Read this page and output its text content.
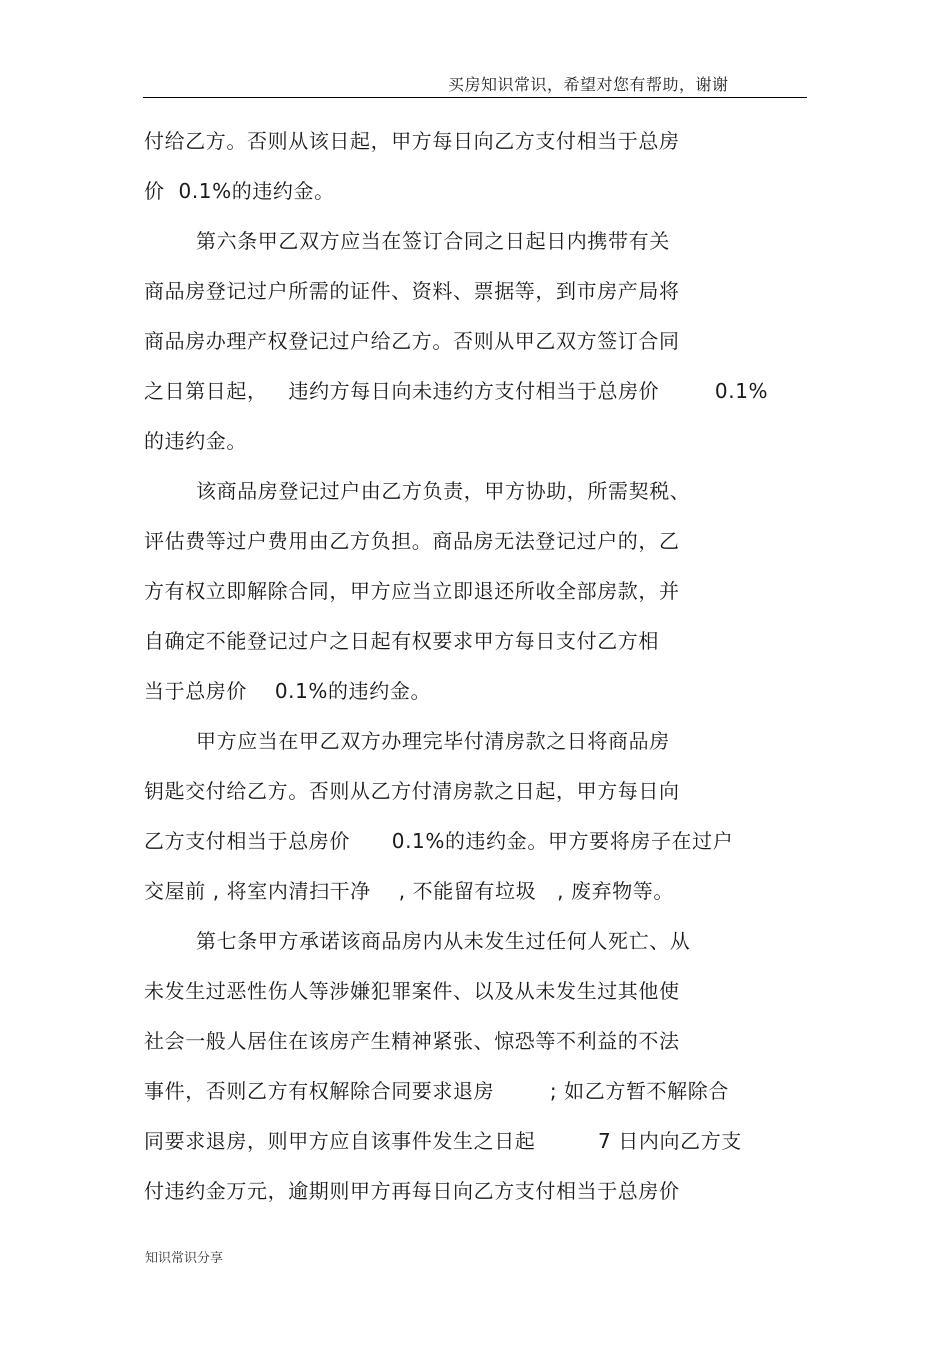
买房知识常识，希望对您有帮助，谢谢
付给乙方。否则从该日起，甲方每日向乙方支付相当于总房
价  0.1%的违约金。
第六条甲乙双方应当在签订合同之日起日内携带有关
商品房登记过户所需的证件、资料、票据等，到市房产局将
商品房办理产权登记过户给乙方。否则从甲乙双方签订合同
之日第日起，   违约方每日向未违约方支付相当于总房价        0.1%
的违约金。
该商品房登记过户由乙方负责，甲方协助，所需契税、
评估费等过户费用由乙方负担。商品房无法登记过户的，乙
方有权立即解除合同，甲方应当立即退还所收全部房款，并
自确定不能登记过户之日起有权要求甲方每日支付乙方相
当于总房价    0.1%的违约金。
甲方应当在甲乙双方办理完毕付清房款之日将商品房
钥匙交付给乙方。否则从乙方付清房款之日起，甲方每日向
乙方支付相当于总房价      0.1%的违约金。甲方要将房子在过户
交屋前 , 将室内清扫干净    , 不能留有垃圾   , 废弃物等。
第七条甲方承诺该商品房内从未发生过任何人死亡、从
未发生过恶性伤人等涉嫌犯罪案件、以及从未发生过其他使
社会一般人居住在该房产生精神紧张、惊恐等不利益的不法
事件，否则乙方有权解除合同要求退房        ; 如乙方暂不解除合
同要求退房，则甲方应自该事件发生之日起         7 日内向乙方支
付违约金万元，逾期则甲方再每日向乙方支付相当于总房价
知识常识分享
